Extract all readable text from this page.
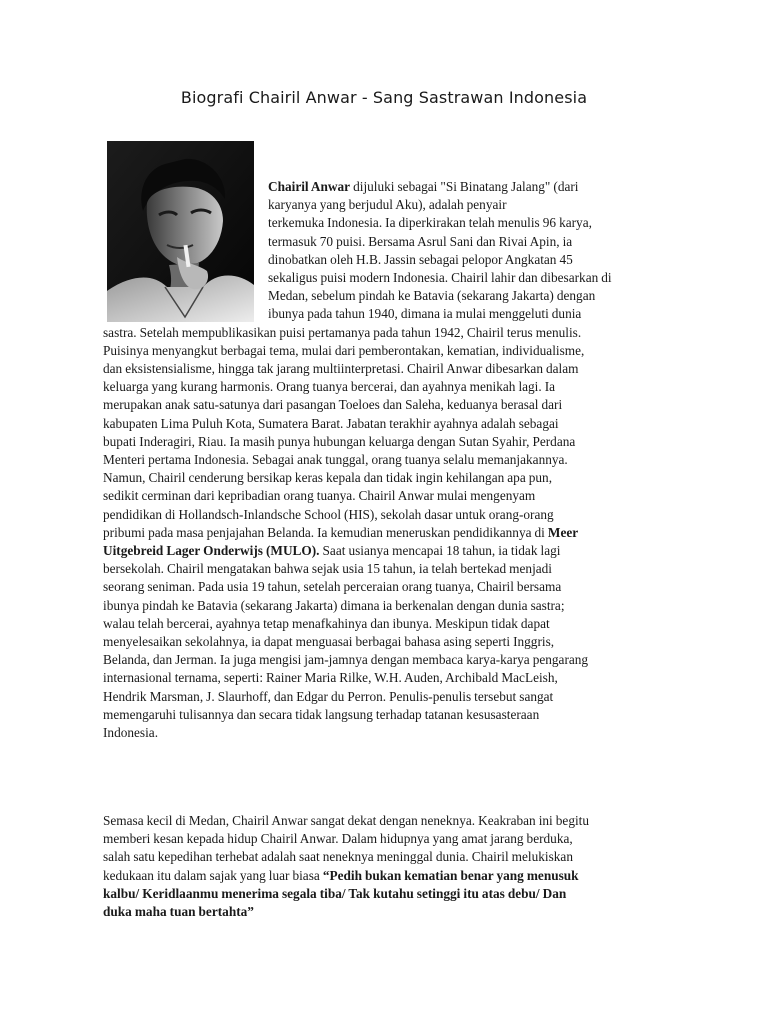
Biografi Chairil Anwar - Sang Sastrawan Indonesia
Chairil Anwar dijuluki sebagai "Si Binatang Jalang" (dari
karyanya yang berjudul Aku), adalah penyair
terkemuka Indonesia. Ia diperkirakan telah menulis 96 karya,
termasuk 70 puisi. Bersama Asrul Sani dan Rivai Apin, ia
dinobatkan oleh H.B. Jassin sebagai pelopor Angkatan 45
sekaligus puisi modern Indonesia. Chairil lahir dan dibesarkan di
Medan, sebelum pindah ke Batavia (sekarang Jakarta) dengan
ibunya pada tahun 1940, dimana ia mulai menggeluti dunia
sastra. Setelah mempublikasikan puisi pertamanya pada tahun 1942, Chairil terus menulis.
Puisinya menyangkut berbagai tema, mulai dari pemberontakan, kematian, individualisme,
dan eksistensialisme, hingga tak jarang multiinterpretasi. Chairil Anwar dibesarkan dalam
keluarga yang kurang harmonis. Orang tuanya bercerai, dan ayahnya menikah lagi. Ia
merupakan anak satu-satunya dari pasangan Toeloes dan Saleha, keduanya berasal dari
kabupaten Lima Puluh Kota, Sumatera Barat. Jabatan terakhir ayahnya adalah sebagai
bupati Inderagiri, Riau. Ia masih punya hubungan keluarga dengan Sutan Syahir, Perdana
Menteri pertama Indonesia. Sebagai anak tunggal, orang tuanya selalu memanjakannya.
Namun, Chairil cenderung bersikap keras kepala dan tidak ingin kehilangan apa pun,
sedikit cerminan dari kepribadian orang tuanya. Chairil Anwar mulai mengenyam
pendidikan di Hollandsch-Inlandsche School (HIS), sekolah dasar untuk orang-orang
pribumi pada masa penjajahan Belanda. Ia kemudian meneruskan pendidikannya di Meer
Uitgebreid Lager Onderwijs (MULO). Saat usianya mencapai 18 tahun, ia tidak lagi
bersekolah. Chairil mengatakan bahwa sejak usia 15 tahun, ia telah bertekad menjadi
seorang seniman. Pada usia 19 tahun, setelah perceraian orang tuanya, Chairil bersama
ibunya pindah ke Batavia (sekarang Jakarta) dimana ia berkenalan dengan dunia sastra;
walau telah bercerai, ayahnya tetap menafkahinya dan ibunya. Meskipun tidak dapat
menyelesaikan sekolahnya, ia dapat menguasai berbagai bahasa asing seperti Inggris,
Belanda, dan Jerman. Ia juga mengisi jam-jamnya dengan membaca karya-karya pengarang
internasional ternama, seperti: Rainer Maria Rilke, W.H. Auden, Archibald MacLeish,
Hendrik Marsman, J. Slaurhoff, dan Edgar du Perron. Penulis-penulis tersebut sangat
memengaruhi tulisannya dan secara tidak langsung terhadap tatanan kesusasteraan
Indonesia.
Semasa kecil di Medan, Chairil Anwar sangat dekat dengan neneknya. Keakraban ini begitu
memberi kesan kepada hidup Chairil Anwar. Dalam hidupnya yang amat jarang berduka,
salah satu kepedihan terhebat adalah saat neneknya meninggal dunia. Chairil melukiskan
kedukaan itu dalam sajak yang luar biasa “Pedih bukan kematian benar yang menusuk
kalbu/ Keridlaanmu menerima segala tiba/ Tak kutahu setinggi itu atas debu/ Dan
duka maha tuan bertahta”
